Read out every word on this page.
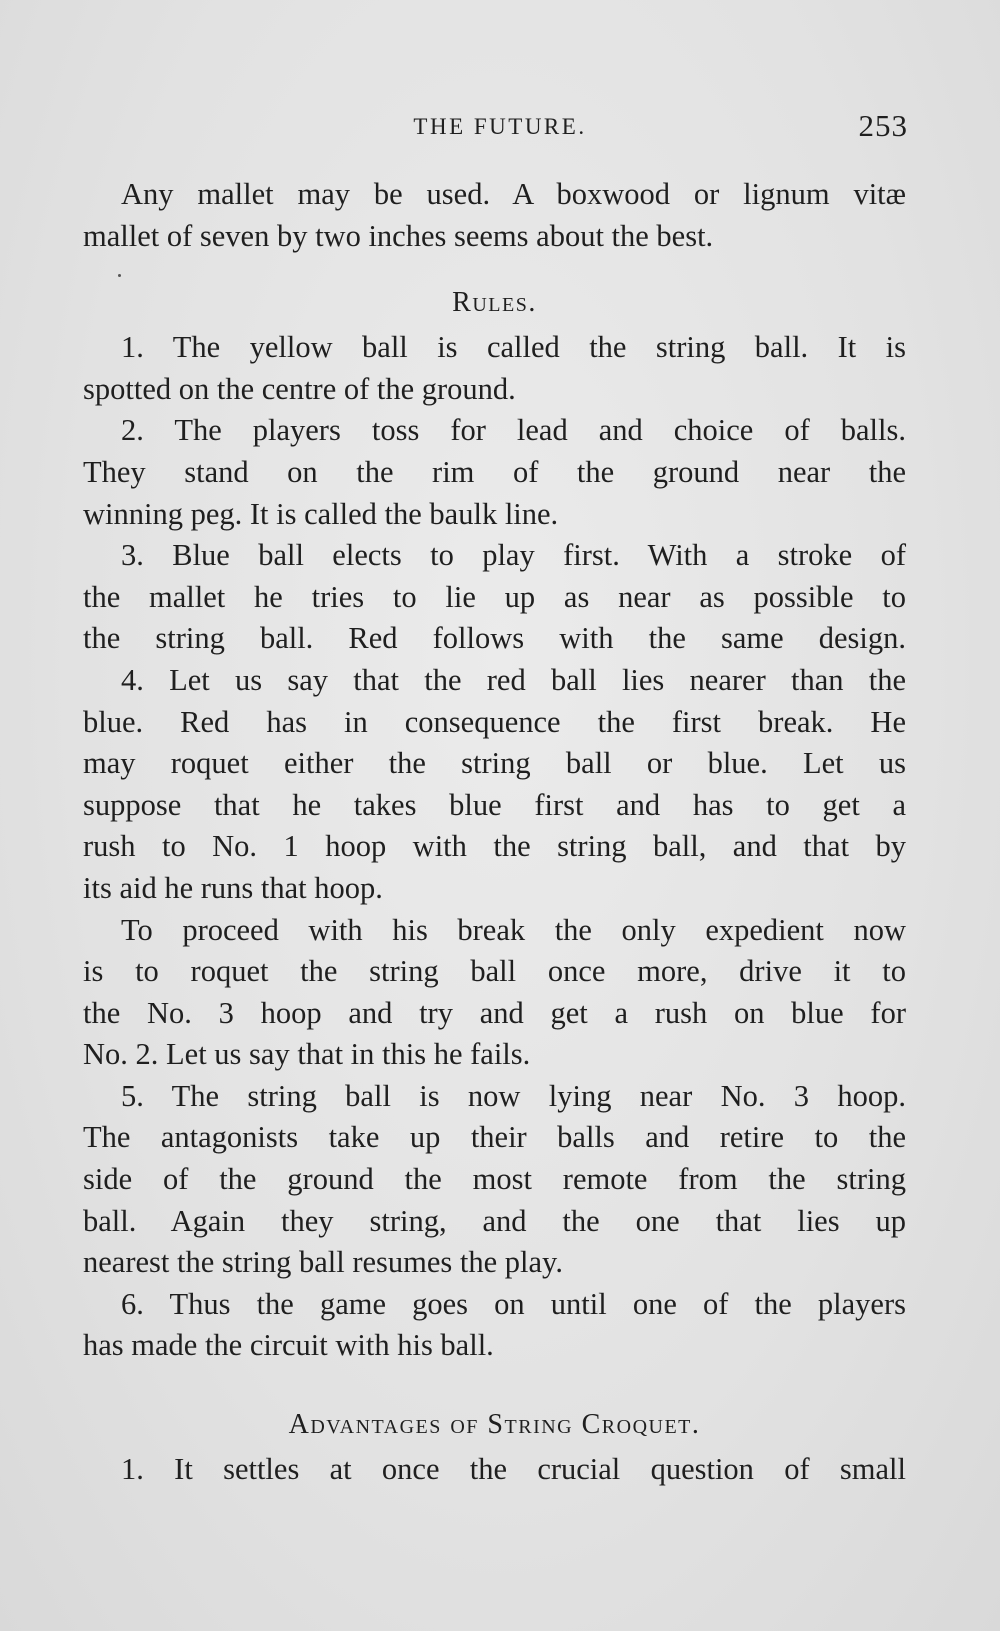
THE FUTURE.	253
Any mallet may be used. A boxwood or lignum vitæ
mallet of seven by two inches seems about the best.
Rules.
1. The yellow ball is called the string ball. It is
spotted on the centre of the ground.
2. The players toss for lead and choice of balls.
They stand on the rim of the ground near the
winning peg. It is called the baulk line.
3. Blue ball elects to play first. With a stroke of
the mallet he tries to lie up as near as possible to
the string ball. Red follows with the same design.
4. Let us say that the red ball lies nearer than the
blue. Red has in consequence the first break. He
may roquet either the string ball or blue. Let us
suppose that he takes blue first and has to get a
rush to No. 1 hoop with the string ball, and that by
its aid he runs that hoop.
To proceed with his break the only expedient now
is to roquet the string ball once more, drive it to
the No. 3 hoop and try and get a rush on blue for
No. 2. Let us say that in this he fails.
5. The string ball is now lying near No. 3 hoop.
The antagonists take up their balls and retire to the
side of the ground the most remote from the string
ball. Again they string, and the one that lies up
nearest the string ball resumes the play.
6. Thus the game goes on until one of the players
has made the circuit with his ball.
Advantages of String Croquet.
1. It settles at once the crucial question of small
